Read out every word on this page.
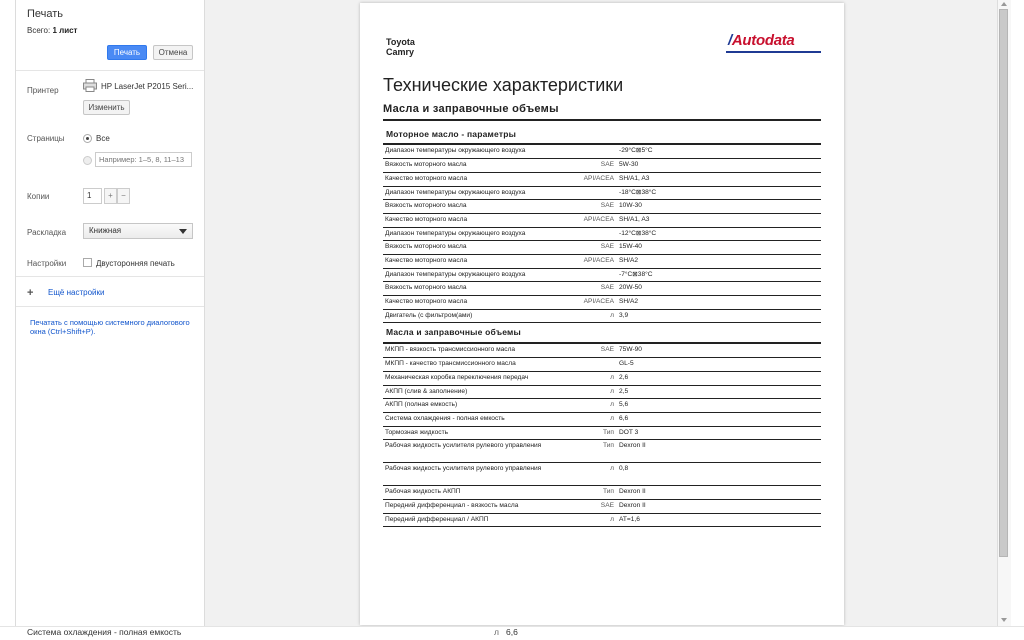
Печать
Всего: 1 лист
Печать	Отмена
Принтер	HP LaserJet P2015 Seri...
Изменить
Страницы	Все
Например: 1–5, 8, 11–13
Копии	1	+	−
Раскладка	Книжная
Настройки	Двусторонняя печать
+ Ещё настройки
Печатать с помощью системного диалогового окна (Ctrl+Shift+P).
Toyota
Camry
/Autodata
Технические характеристики
Масла и заправочные объемы
Моторное масло - параметры
Диапазон температуры окружающего воздуха		-29°C⊠5°C
Вязкость моторного масла	SAE	5W-30
Качество моторного масла	API/ACEA	SH/A1, A3
Диапазон температуры окружающего воздуха		-18°C⊠38°C
Вязкость моторного масла	SAE	10W-30
Качество моторного масла	API/ACEA	SH/A1, A3
Диапазон температуры окружающего воздуха		-12°C⊠38°C
Вязкость моторного масла	SAE	15W-40
Качество моторного масла	API/ACEA	SH/A2
Диапазон температуры окружающего воздуха		-7°C⊠38°C
Вязкость моторного масла	SAE	20W-50
Качество моторного масла	API/ACEA	SH/A2
Двигатель (с фильтром(ами)	л	3,9
Масла и заправочные объемы
МКПП - вязкость трансмиссионного масла	SAE	75W-90
МКПП - качество трансмиссионного масла		GL-5
Механическая коробка переключения передач	л	2,6
АКПП (слив & заполнение)	л	2,5
АКПП (полная емкость)	л	5,6
Система охлаждения - полная емкость	л	6,6
Тормозная жидкость	Тип	DOT 3
Рабочая жидкость усилителя рулевого управления	Тип	Dexron II
Рабочая жидкость усилителя рулевого управления	л	0,8
Рабочая жидкость АКПП	Тип	Dexron II
Передний дифференциал - вязкость масла	SAE	Dexron II
Передний дифференциал / АКПП	л	AT=1,6
Система охлаждения - полная емкость	л 6,6
